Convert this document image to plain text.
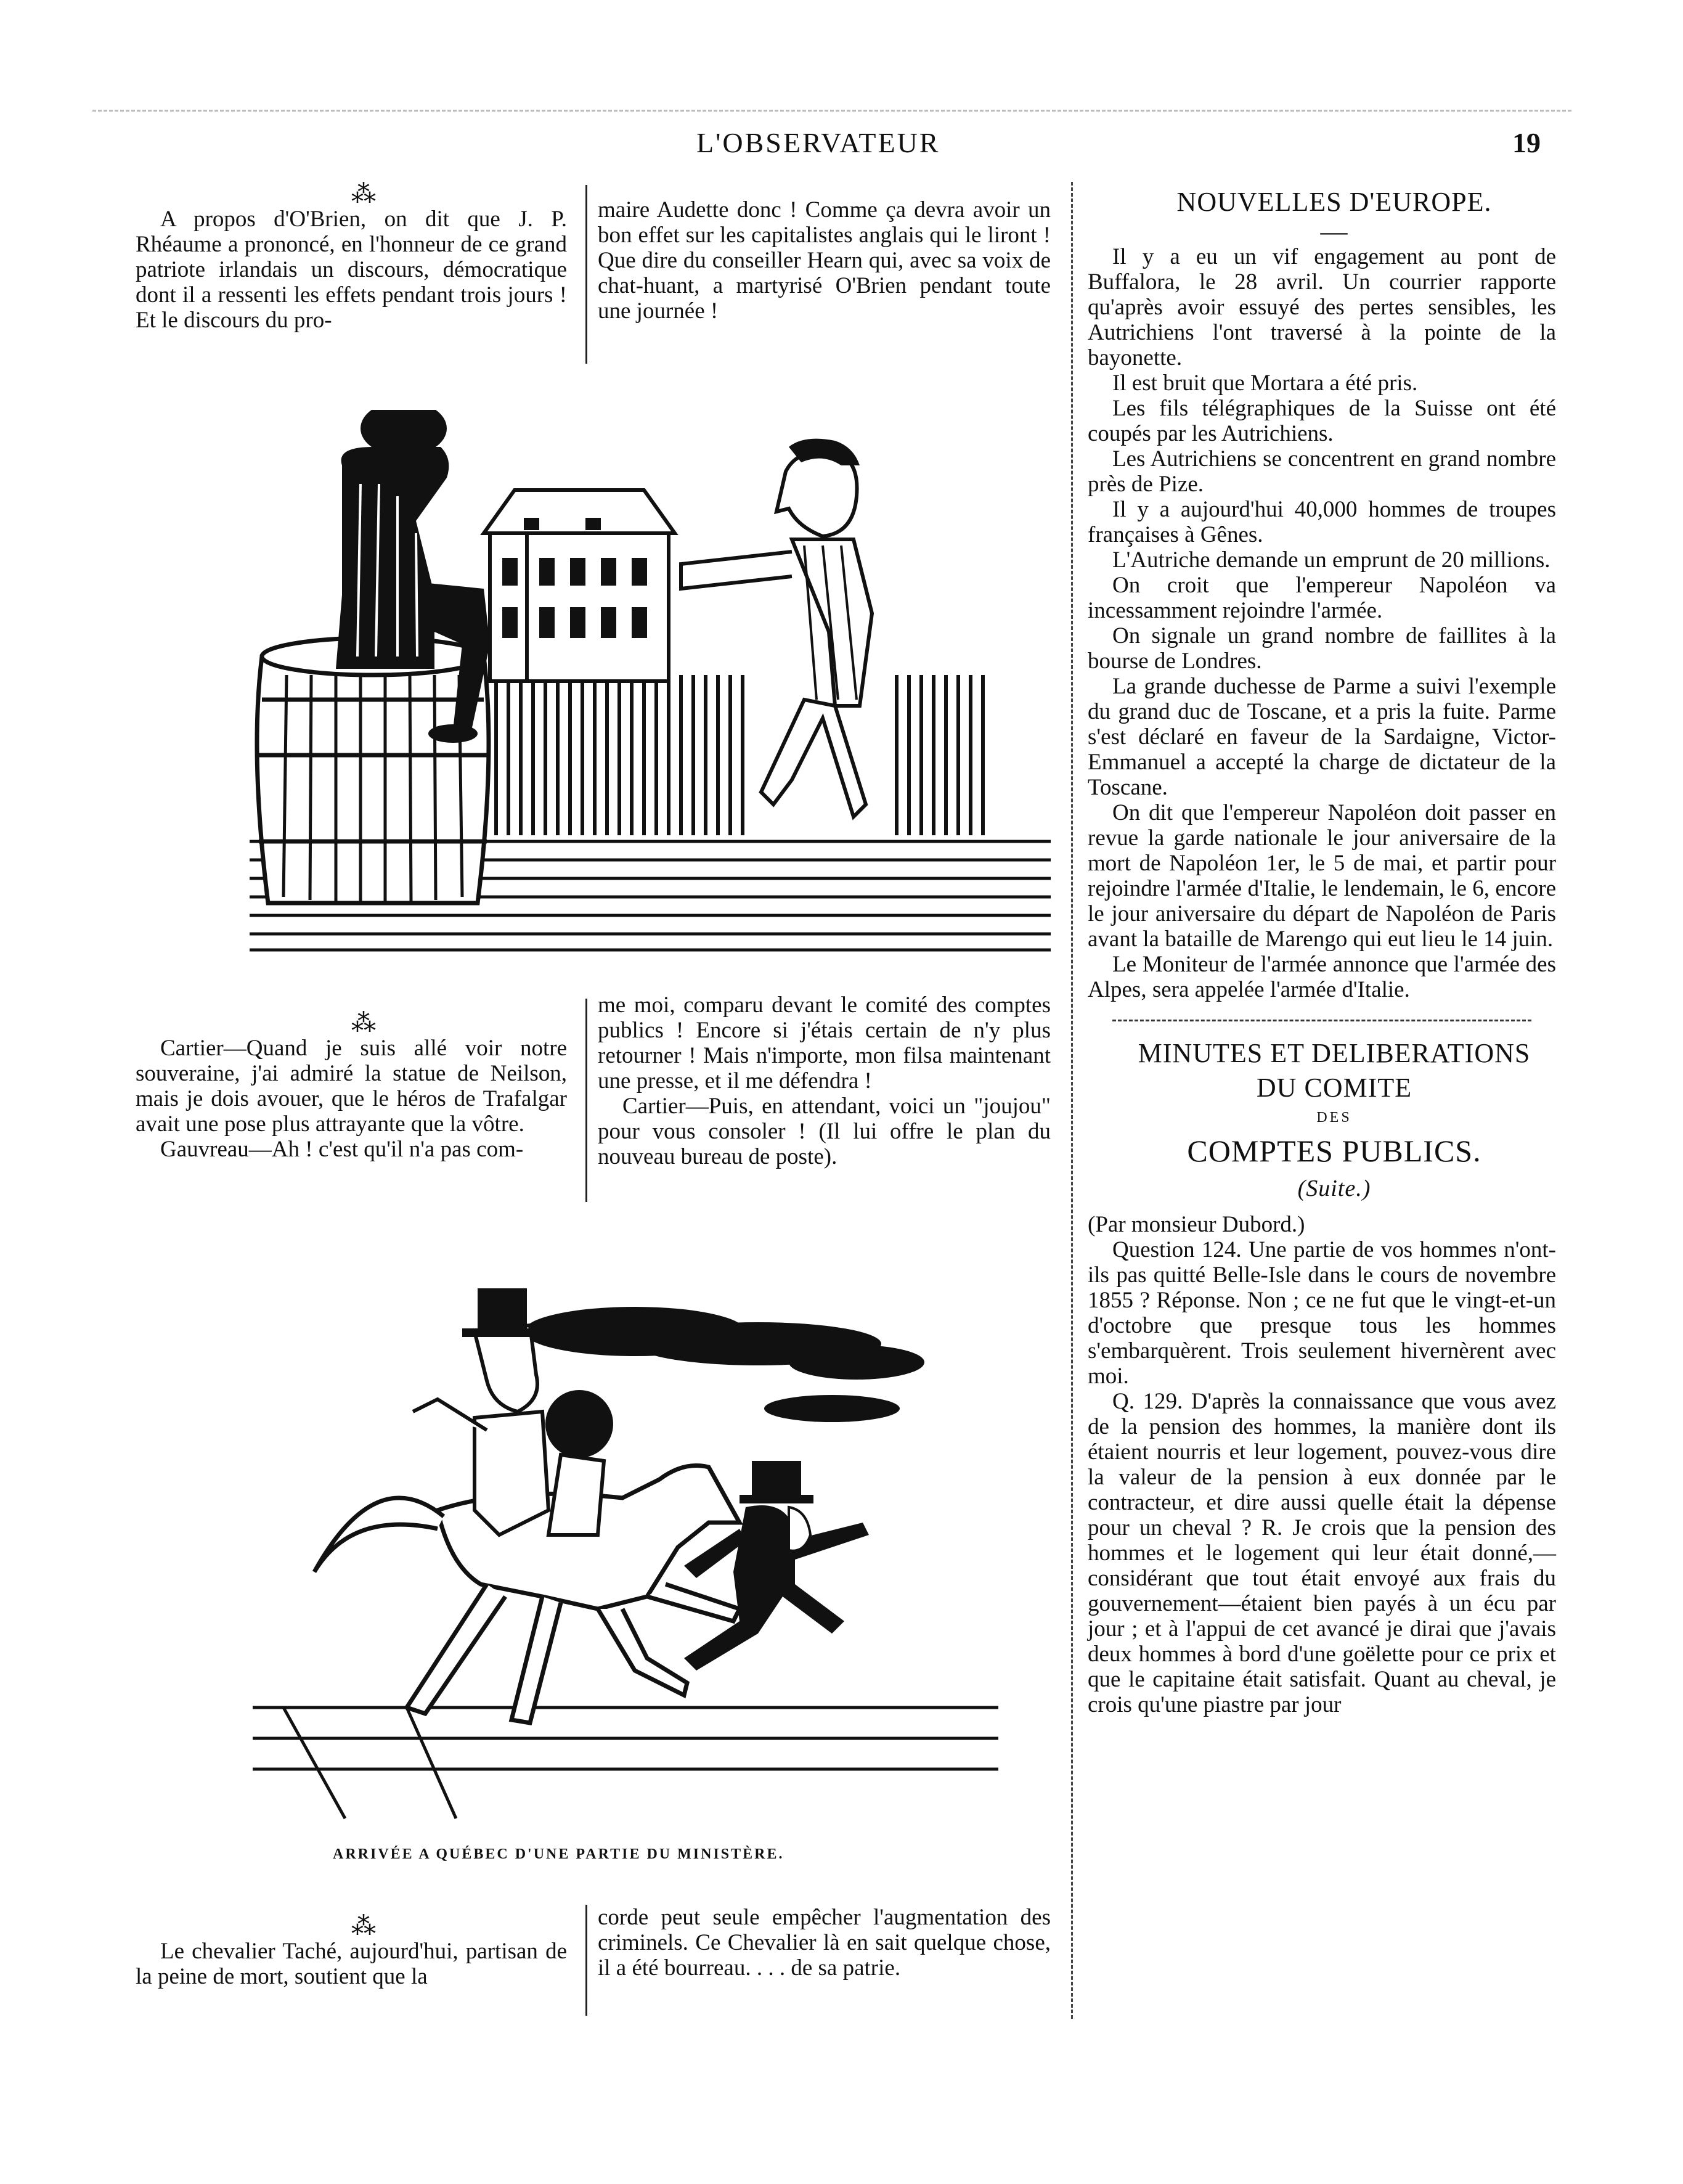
L'OBSERVATEUR	19

⁂

A propos d'O'Brien, on dit que J. P. Rhéaume a prononcé, en l'honneur de ce grand patriote irlandais un discours, démocratique dont il a ressenti les effets pendant trois jours ! Et le discours du pro-

maire Audette donc ! Comme ça devra avoir un bon effet sur les capitalistes anglais qui le liront ! Que dire du conseiller Hearn qui, avec sa voix de chat-huant, a martyrisé O'Brien pendant toute une journée !

⁂

Cartier—Quand je suis allé voir notre souveraine, j'ai admiré la statue de Neilson, mais je dois avouer, que le héros de Trafalgar avait une pose plus attrayante que la vôtre.

Gauvreau—Ah ! c'est qu'il n'a pas com-

me moi, comparu devant le comité des comptes publics ! Encore si j'étais certain de n'y plus retourner ! Mais n'importe, mon filsa maintenant une presse, et il me défendra !

Cartier—Puis, en attendant, voici un "joujou" pour vous consoler ! (Il lui offre le plan du nouveau bureau de poste).

ARRIVÉE A QUÉBEC D'UNE PARTIE DU MINISTÈRE.

⁂

Le chevalier Taché, aujourd'hui, partisan de la peine de mort, soutient que la

corde peut seule empêcher l'augmentation des criminels. Ce Chevalier là en sait quelque chose, il a été bourreau. . . . de sa patrie.

NOUVELLES D'EUROPE.

—

Il y a eu un vif engagement au pont de Buffalora, le 28 avril. Un courrier rapporte qu'après avoir essuyé des pertes sensibles, les Autrichiens l'ont traversé à la pointe de la bayonette.

Il est bruit que Mortara a été pris.

Les fils télégraphiques de la Suisse ont été coupés par les Autrichiens.

Les Autrichiens se concentrent en grand nombre près de Pize.

Il y a aujourd'hui 40,000 hommes de troupes françaises à Gênes.

L'Autriche demande un emprunt de 20 millions.

On croit que l'empereur Napoléon va incessamment rejoindre l'armée.

On signale un grand nombre de faillites à la bourse de Londres.

La grande duchesse de Parme a suivi l'exemple du grand duc de Toscane, et a pris la fuite. Parme s'est déclaré en faveur de la Sardaigne, Victor-Emmanuel a accepté la charge de dictateur de la Toscane.

On dit que l'empereur Napoléon doit passer en revue la garde nationale le jour aniversaire de la mort de Napoléon 1er, le 5 de mai, et partir pour rejoindre l'armée d'Italie, le lendemain, le 6, encore le jour aniversaire du départ de Napoléon de Paris avant la bataille de Marengo qui eut lieu le 14 juin.

Le Moniteur de l'armée annonce que l'armée des Alpes, sera appelée l'armée d'Italie.

MINUTES ET DELIBERATIONS

DU COMITE

DES

COMPTES PUBLICS.

(Suite.)

(Par monsieur Dubord.)

Question 124. Une partie de vos hommes n'ont-ils pas quitté Belle-Isle dans le cours de novembre 1855 ? Réponse. Non ; ce ne fut que le vingt-et-un d'octobre que presque tous les hommes s'embarquèrent. Trois seulement hivernèrent avec moi.

Q. 129. D'après la connaissance que vous avez de la pension des hommes, la manière dont ils étaient nourris et leur logement, pouvez-vous dire la valeur de la pension à eux donnée par le contracteur, et dire aussi quelle était la dépense pour un cheval ? R. Je crois que la pension des hommes et le logement qui leur était donné,—considérant que tout était envoyé aux frais du gouvernement—étaient bien payés à un écu par jour ; et à l'appui de cet avancé je dirai que j'avais deux hommes à bord d'une goëlette pour ce prix et que le capitaine était satisfait. Quant au cheval, je crois qu'une piastre par jour
